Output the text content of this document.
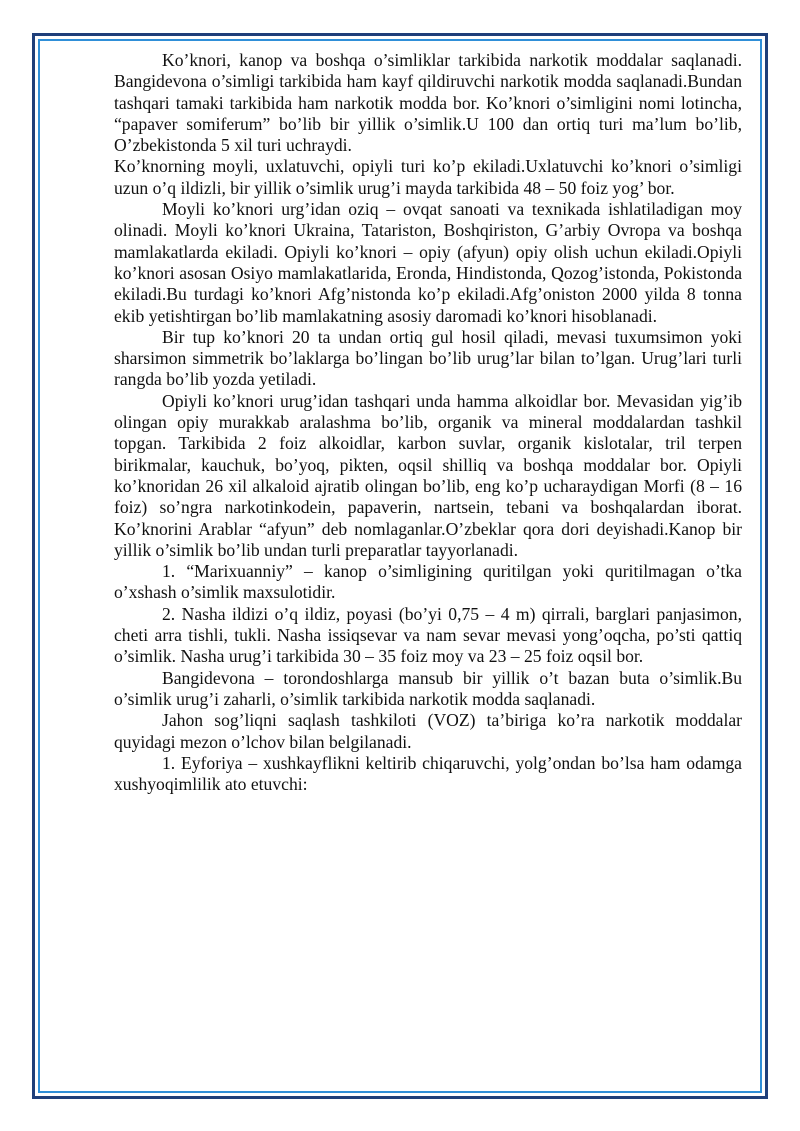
Ko’knori, kanop va boshqa o’simliklar tarkibida narkotik moddalar saqlanadi. Bangidevona o’simligi tarkibida ham kayf qildiruvchi narkotik modda saqlanadi.Bundan tashqari tamaki tarkibida ham narkotik modda bor. Ko’knori o’simligini nomi lotincha, “papaver somiferum” bo’lib bir yillik o’simlik.U 100 dan ortiq turi ma’lum bo’lib, O’zbekistonda 5 xil turi uchraydi.

Ko’knorning moyli, uxlatuvchi, opiyli turi ko’p ekiladi.Uxlatuvchi ko’knori o’simligi uzun o’q ildizli, bir yillik o’simlik urug’i mayda tarkibida 48 – 50 foiz yog’ bor.

Moyli ko’knori urg’idan oziq – ovqat sanoati va texnikada ishlatiladigan moy olinadi. Moyli ko’knori Ukraina, Tatariston, Boshqiriston, G’arbiy Ovropa va boshqa mamlakatlarda ekiladi. Opiyli ko’knori – opiy (afyun) opiy olish uchun ekiladi.Opiyli ko’knori asosan Osiyo mamlakatlarida, Eronda, Hindistonda, Qozog’istonda, Pokistonda ekiladi.Bu turdagi ko’knori Afg’nistonda ko’p ekiladi.Afg’oniston 2000 yilda 8 tonna ekib yetishtirgan bo’lib mamlakatning asosiy daromadi ko’knori hisoblanadi.

Bir tup ko’knori 20 ta undan ortiq gul hosil qiladi, mevasi tuxumsimon yoki sharsimon simmetrik bo’laklarga bo’lingan bo’lib urug’lar bilan to’lgan. Urug’lari turli rangda bo’lib yozda yetiladi.

Opiyli ko’knori urug’idan tashqari unda hamma alkoidlar bor. Mevasidan yig’ib olingan opiy murakkab aralashma bo’lib, organik va mineral moddalardan tashkil topgan. Tarkibida 2 foiz alkoidlar, karbon suvlar, organik kislotalar, tril terpen birikmalar, kauchuk, bo’yoq, pikten, oqsil shilliq va boshqa moddalar bor. Opiyli ko’knoridan 26 xil alkaloid ajratib olingan bo’lib, eng ko’p ucharaydigan Morfi (8 – 16 foiz) so’ngra narkotinkodein, papaverin, nartsein, tebani va boshqalardan iborat. Ko’knorini Arablar “afyun” deb nomlaganlar.O’zbeklar qora dori deyishadi.Kanop bir yillik o’simlik bo’lib undan turli preparatlar tayyorlanadi.

1. “Marixuanniy” – kanop o’simligining quritilgan yoki quritilmagan o’tka o’xshash o’simlik maxsulotidir.

2. Nasha ildizi o’q ildiz, poyasi (bo’yi 0,75 – 4 m) qirrali, barglari panjasimon, cheti arra tishli, tukli. Nasha issiqsevar va nam sevar mevasi yong’oqcha, po’sti qattiq o’simlik. Nasha urug’i tarkibida 30 – 35 foiz moy va 23 – 25 foiz oqsil bor.

Bangidevona – torondoshlarga mansub bir yillik o’t bazan buta o’simlik.Bu o’simlik urug’i zaharli, o’simlik tarkibida narkotik modda saqlanadi.

Jahon sog’liqni saqlash tashkiloti (VOZ) ta’biriga ko’ra narkotik moddalar quyidagi mezon o’lchov bilan belgilanadi.

1. Eyforiya – xushkayflikni keltirib chiqaruvchi, yolg’ondan bo’lsa ham odamga xushyoqimlilik ato etuvchi:
